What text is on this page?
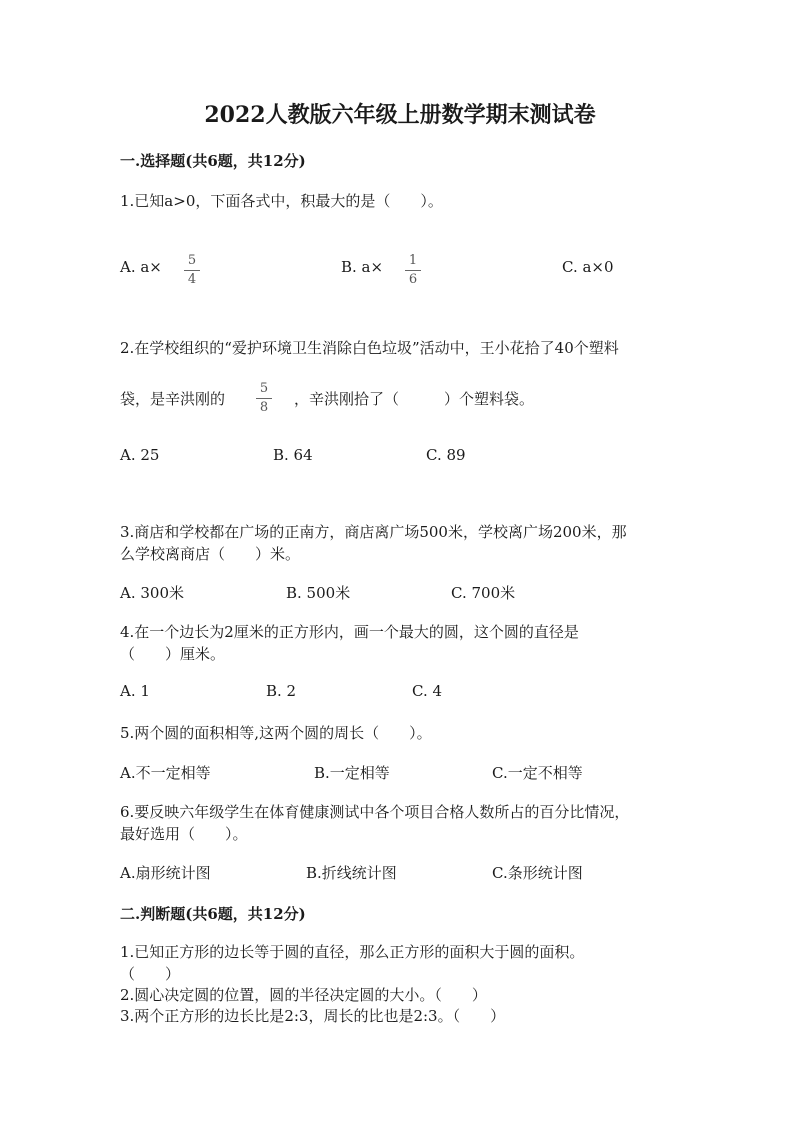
2022人教版六年级上册数学期末测试卷
一.选择题(共6题，共12分)
1.已知a>0，下面各式中，积最大的是（　　）。
A. a× 5
4
B. a× 1
6
C. a×0
2.在学校组织的“爱护环境卫生消除白色垃圾”活动中，王小花拾了40个塑料
袋，是辛洪刚的
5
8 ，辛洪刚拾了（　　　）个塑料袋。
A. 25	B. 64	C. 89
3.商店和学校都在广场的正南方，商店离广场500米，学校离广场200米，那
么学校离商店（　　）米。
A. 300米	B. 500米	C. 700米
4.在一个边长为2厘米的正方形内，画一个最大的圆，这个圆的直径是
（　　）厘米。
A. 1	B. 2	C. 4
5.两个圆的面积相等,这两个圆的周长（　　）。
A.不一定相等	B.一定相等	C.一定不相等
6.要反映六年级学生在体育健康测试中各个项目合格人数所占的百分比情况，
最好选用（　　）。
A.扇形统计图	B.折线统计图	C.条形统计图
二.判断题(共6题，共12分)
1.已知正方形的边长等于圆的直径，那么正方形的面积大于圆的面积。
（　　）
2.圆心决定圆的位置，圆的半径决定圆的大小。（　　）
3.两个正方形的边长比是2:3，周长的比也是2:3。（　　）
